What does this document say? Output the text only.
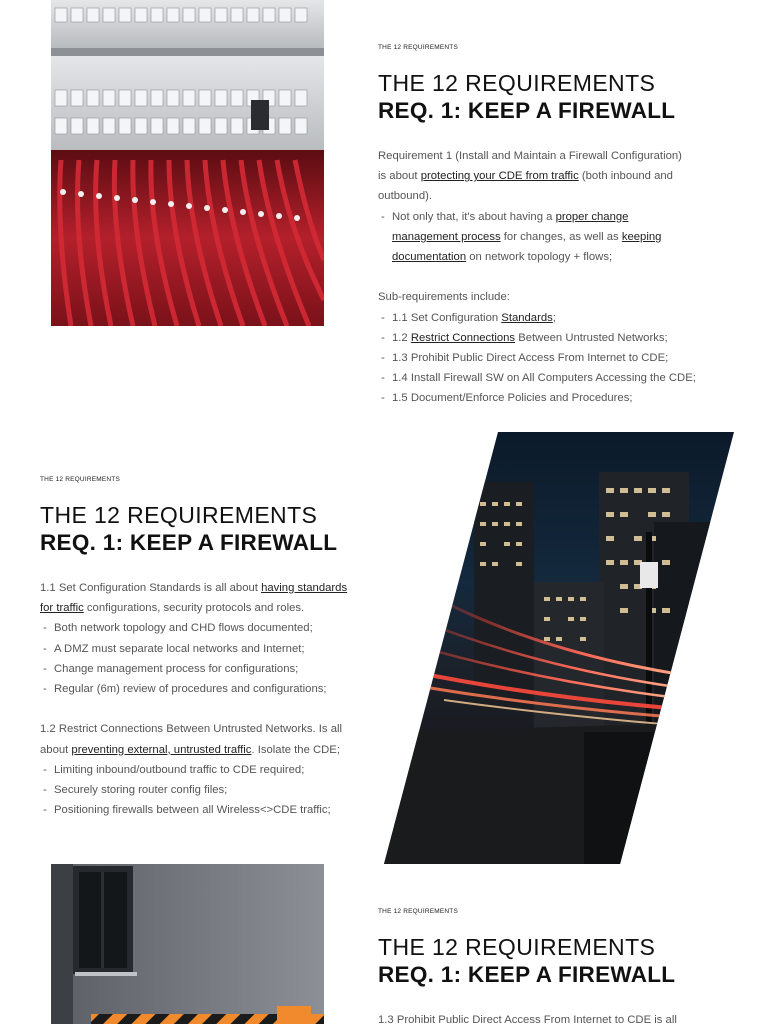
THE 12 REQUIREMENTS
THE 12 REQUIREMENTS
REQ. 1: KEEP A FIREWALL

Requirement 1 (Install and Maintain a Firewall Configuration)

is about protecting your CDE from traffic (both inbound and

outbound).

- Not only that, it's about having a proper change
management process for changes, as well as keeping
documentation on network topology + flows;

Sub-requirements include:

- 1.1 Set Configuration Standards;
- 1.2 Restrict Connections Between Untrusted Networks;
- 1.3 Prohibit Public Direct Access From Internet to CDE;
- 1.4 Install Firewall SW on All Computers Accessing the CDE;
- 1.5 Document/Enforce Policies and Procedures;
THE 12 REQUIREMENTS
THE 12 REQUIREMENTS
REQ. 1: KEEP A FIREWALL

1.1 Set Configuration Standards is all about having standards
for traffic configurations, security protocols and roles.

- Both network topology and CHD flows documented;
- A DMZ must separate local networks and Internet;
- Change management process for configurations;
- Regular (6m) review of procedures and configurations;

1.2 Restrict Connections Between Untrusted Networks. Is all
about preventing external, untrusted traffic. Isolate the CDE;

- Limiting inbound/outbound traffic to CDE required;
- Securely storing router config files;
- Positioning firewalls between all Wireless<>CDE traffic;
THE 12 REQUIREMENTS
THE 12 REQUIREMENTS
REQ. 1: KEEP A FIREWALL

1.3 Prohibit Public Direct Access From Internet to CDE is all
